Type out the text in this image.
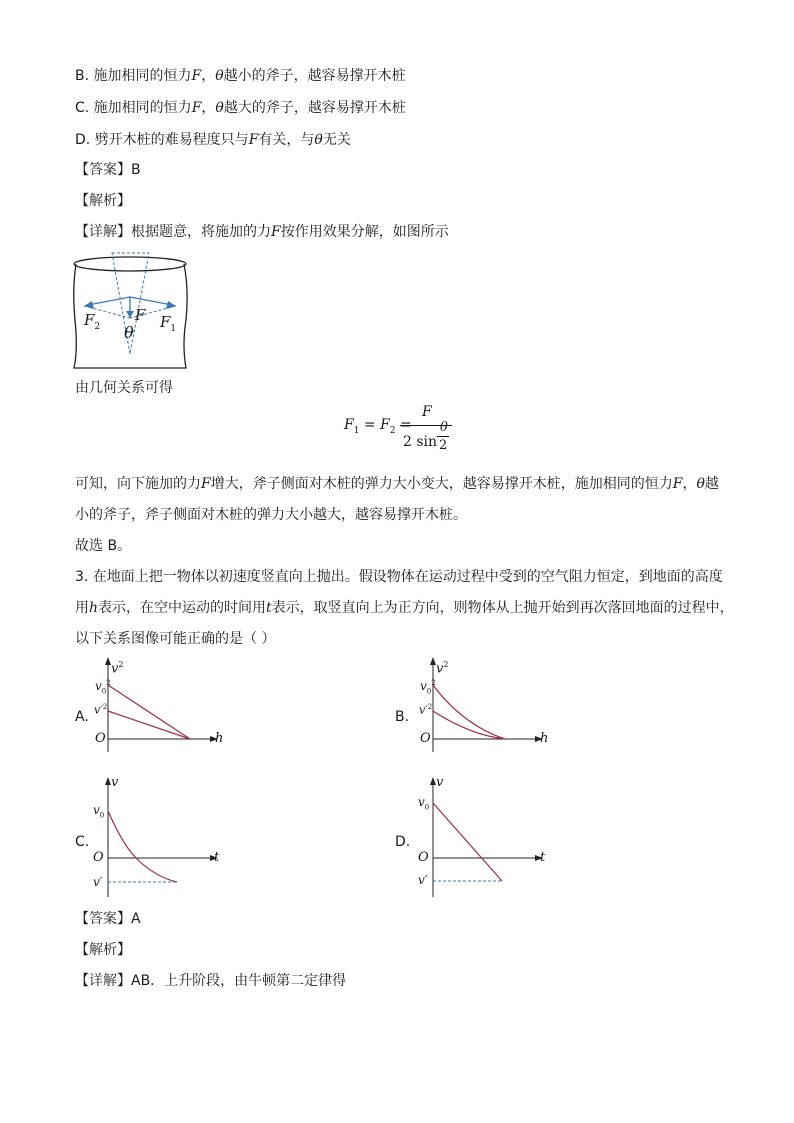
B. 施加相同的恒力F，θ越小的斧子，越容易撑开木桩
C. 施加相同的恒力F，θ越大的斧子，越容易撑开木桩
D. 劈开木桩的难易程度只与F有关，与θ无关
【答案】B
【解析】
【详解】根据题意，将施加的力F按作用效果分解，如图所示
$F_2$
F $F_1$
θ
由几何关系可得
$F_1 = F_2$ =
F
2 sin
θ
2
可知，向下施加的力F增大，斧子侧面对木桩的弹力大小变大，越容易撑开木桩，施加相同的恒力F，θ越
小的斧子，斧子侧面对木桩的弹力大小越大，越容易撑开木桩。
故选 B。
3. 在地面上把一物体以初速度竖直向上抛出。假设物体在运动过程中受到的空气阻力恒定，到地面的高度
用h表示，在空中运动的时间用t表示，取竖直向上为正方向，则物体从上抛开始到再次落回地面的过程中，
以下关系图像可能正确的是（ ）
A.
$v^2$
$v_0^2$
$v'^2$
O	h
B.
$v^2$
$v_0^2$
$v'^2$
O	h
C.
v
$v_0$
O
v′
t
D.
v
$v_0$
O
v′
t
【答案】A
【解析】
【详解】AB．上升阶段，由牛顿第二定律得
